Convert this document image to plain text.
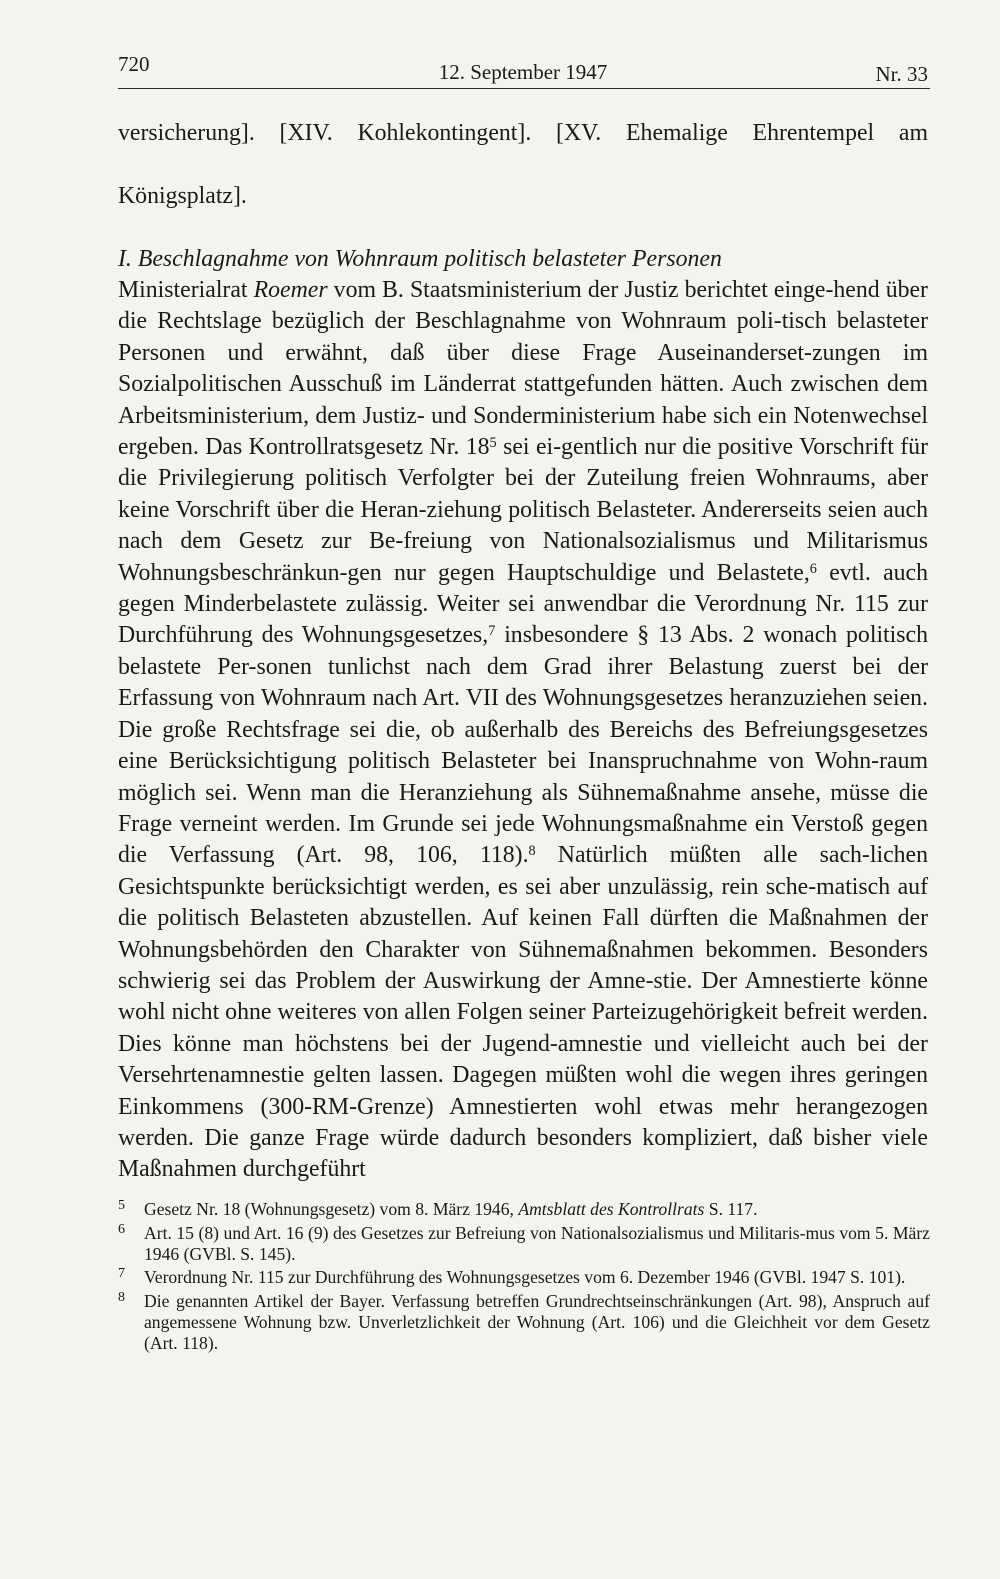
720	12. September 1947	Nr. 33

versicherung]. [XIV. Kohlekontingent]. [XV. Ehemalige Ehrentempel am

Königsplatz].

I. Beschlagnahme von Wohnraum politisch belasteter Personen

Ministerialrat Roemer vom B. Staatsministerium der Justiz berichtet einge-hend über die Rechtslage bezüglich der Beschlagnahme von Wohnraum poli-tisch belasteter Personen und erwähnt, daß über diese Frage Auseinanderset-zungen im Sozialpolitischen Ausschuß im Länderrat stattgefunden hätten. Auch zwischen dem Arbeitsministerium, dem Justiz- und Sonderministerium habe sich ein Notenwechsel ergeben. Das Kontrollratsgesetz Nr. $18^5$ sei ei-gentlich nur die positive Vorschrift für die Privilegierung politisch Verfolgter bei der Zuteilung freien Wohnraums, aber keine Vorschrift über die Heran-ziehung politisch Belasteter. Andererseits seien auch nach dem Gesetz zur Be-freiung von Nationalsozialismus und Militarismus Wohnungsbeschränkun-gen nur gegen Hauptschuldige und Belastete,$^6$ evtl. auch gegen Minderbelastete zulässig. Weiter sei anwendbar die Verordnung Nr. 115 zur Durchführung des Wohnungsgesetzes,$^7$ insbesondere § 13 Abs. 2 wonach politisch belastete Per-sonen tunlichst nach dem Grad ihrer Belastung zuerst bei der Erfassung von Wohnraum nach Art. VII des Wohnungsgesetzes heranzuziehen seien. Die große Rechtsfrage sei die, ob außerhalb des Bereichs des Befreiungsgesetzes eine Berücksichtigung politisch Belasteter bei Inanspruchnahme von Wohn-raum möglich sei. Wenn man die Heranziehung als Sühnemaßnahme ansehe, müsse die Frage verneint werden. Im Grunde sei jede Wohnungsmaßnahme ein Verstoß gegen die Verfassung (Art. 98, 106, 118).$^8$ Natürlich müßten alle sach-lichen Gesichtspunkte berücksichtigt werden, es sei aber unzulässig, rein sche-matisch auf die politisch Belasteten abzustellen. Auf keinen Fall dürften die Maßnahmen der Wohnungsbehörden den Charakter von Sühnemaßnahmen bekommen. Besonders schwierig sei das Problem der Auswirkung der Amne-stie. Der Amnestierte könne wohl nicht ohne weiteres von allen Folgen seiner Parteizugehörigkeit befreit werden. Dies könne man höchstens bei der Jugend-amnestie und vielleicht auch bei der Versehrtenamnestie gelten lassen. Dagegen müßten wohl die wegen ihres geringen Einkommens (300-RM-Grenze) Amnestierten wohl etwas mehr herangezogen werden. Die ganze Frage würde dadurch besonders kompliziert, daß bisher viele Maßnahmen durchgeführt

5 Gesetz Nr. 18 (Wohnungsgesetz) vom 8. März 1946, Amtsblatt des Kontrollrats S. 117.
6 Art. 15 (8) und Art. 16 (9) des Gesetzes zur Befreiung von Nationalsozialismus und Militaris-mus vom 5. März 1946 (GVBl. S. 145).
7 Verordnung Nr. 115 zur Durchführung des Wohnungsgesetzes vom 6. Dezember 1946 (GVBl. 1947 S. 101).
8 Die genannten Artikel der Bayer. Verfassung betreffen Grundrechtseinschränkungen (Art. 98), Anspruch auf angemessene Wohnung bzw. Unverletzlichkeit der Wohnung (Art. 106) und die Gleichheit vor dem Gesetz (Art. 118).
